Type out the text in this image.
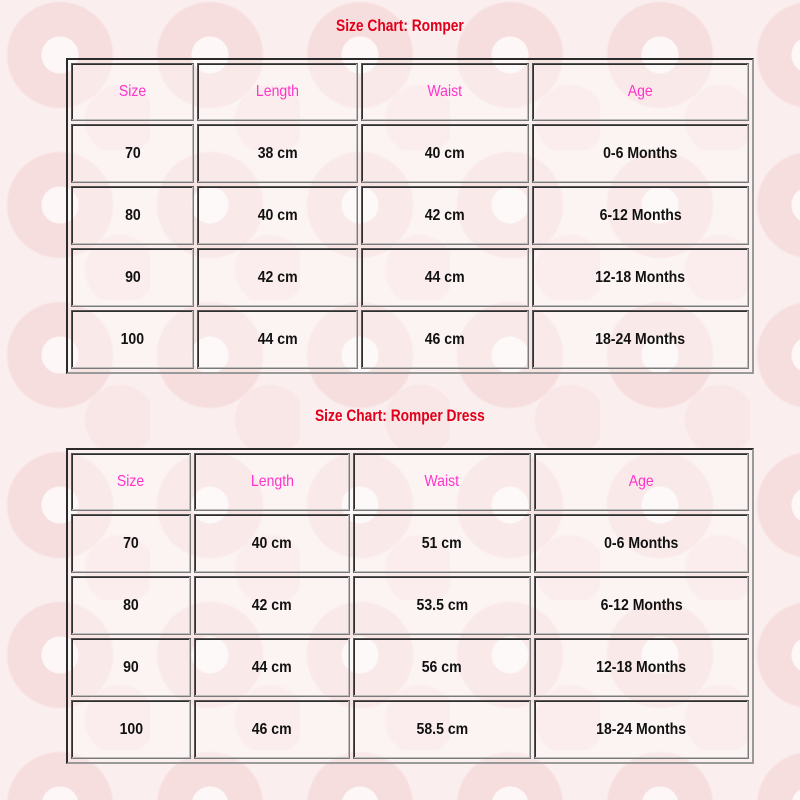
Size Chart: Romper
Size	Length	Waist	Age
70	38 cm	40 cm	0-6 Months
80	40 cm	42 cm	6-12 Months
90	42 cm	44 cm	12-18 Months
100	44 cm	46 cm	18-24 Months
Size Chart: Romper Dress
Size	Length	Waist	Age
70	40 cm	51 cm	0-6 Months
80	42 cm	53.5 cm	6-12 Months
90	44 cm	56 cm	12-18 Months
100	46 cm	58.5 cm	18-24 Months
